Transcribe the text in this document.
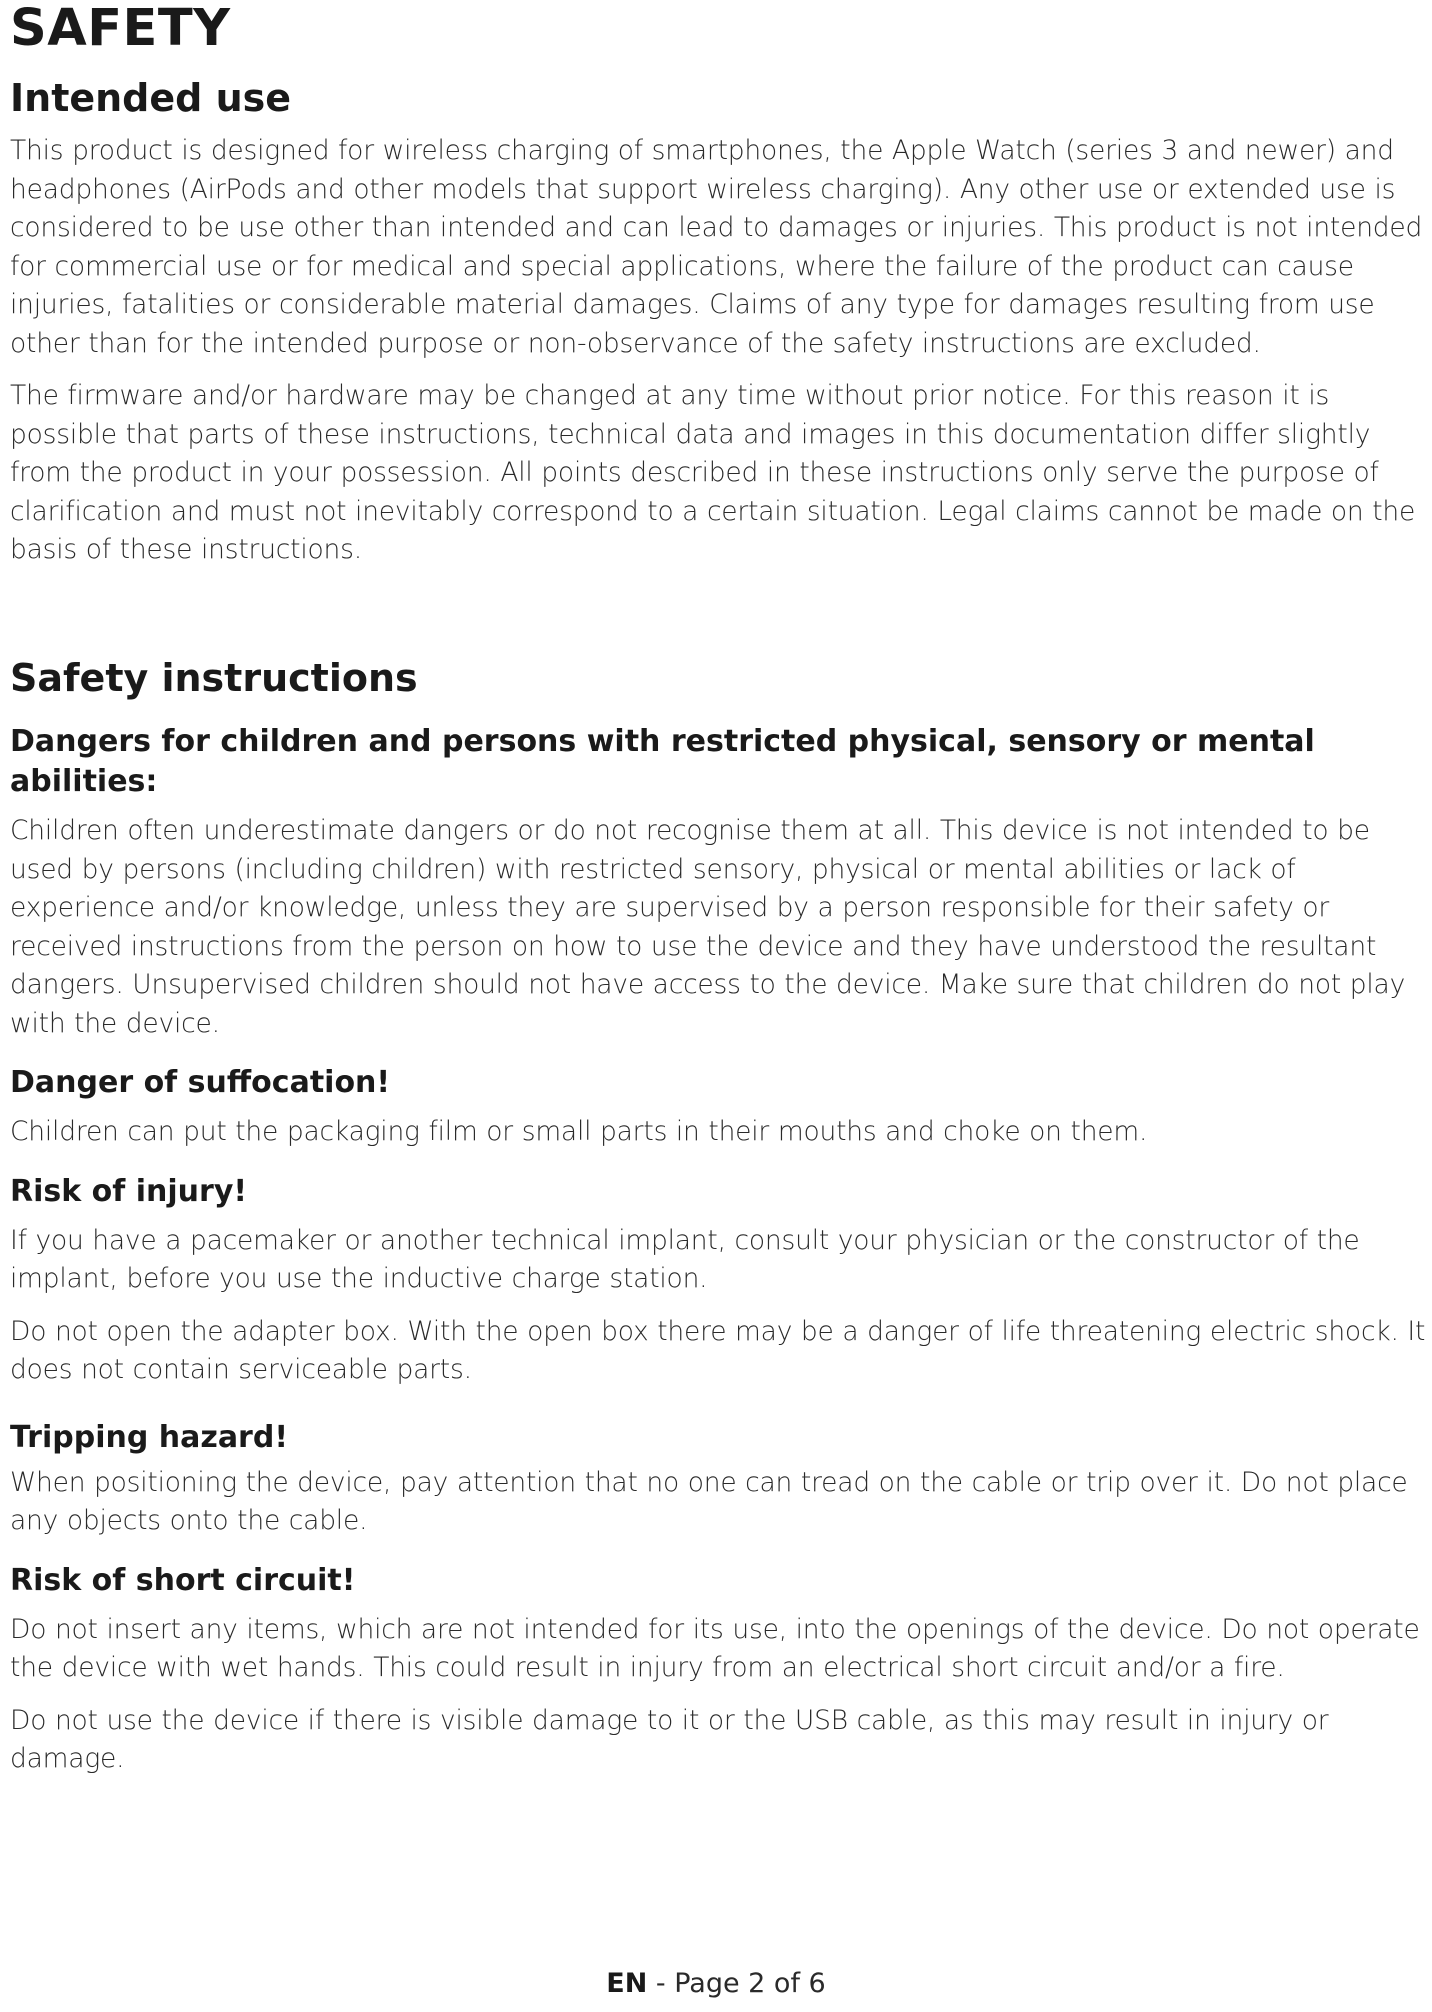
SAFETY
Intended use

This product is designed for wireless charging of smartphones, the Apple Watch (series 3 and newer) and headphones (AirPods and other models that support wireless charging). Any other use or extended use is considered to be use other than intended and can lead to damages or injuries. This product is not intended for commercial use or for medical and special applications, where the failure of the product can cause injuries, fatalities or considerable material damages. Claims of any type for damages resulting from use other than for the intended purpose or non-observance of the safety instructions are excluded.

The firmware and/or hardware may be changed at any time without prior notice. For this reason it is possible that parts of these instructions, technical data and images in this documentation differ slightly from the product in your possession. All points described in these instructions only serve the purpose of clarification and must not inevitably correspond to a certain situation. Legal claims cannot be made on the basis of these instructions.

Safety instructions
Dangers for children and persons with restricted physical, sensory or mental abilities:

Children often underestimate dangers or do not recognise them at all. This device is not intended to be used by persons (including children) with restricted sensory, physical or mental abilities or lack of experience and/or knowledge, unless they are supervised by a person responsible for their safety or received instructions from the person on how to use the device and they have understood the resultant dangers. Unsupervised children should not have access to the device. Make sure that children do not play with the device.

Danger of suffocation!

Children can put the packaging film or small parts in their mouths and choke on them.

Risk of injury!

If you have a pacemaker or another technical implant, consult your physician or the constructor of the implant, before you use the inductive charge station.

Do not open the adapter box. With the open box there may be a danger of life threatening electric shock. It does not contain serviceable parts.

Tripping hazard!

When positioning the device, pay attention that no one can tread on the cable or trip over it. Do not place any objects onto the cable.

Risk of short circuit!

Do not insert any items, which are not intended for its use, into the openings of the device. Do not operate the device with wet hands. This could result in injury from an electrical short circuit and/or a fire.

Do not use the device if there is visible damage to it or the USB cable, as this may result in injury or damage.

EN - Page 2 of 6
